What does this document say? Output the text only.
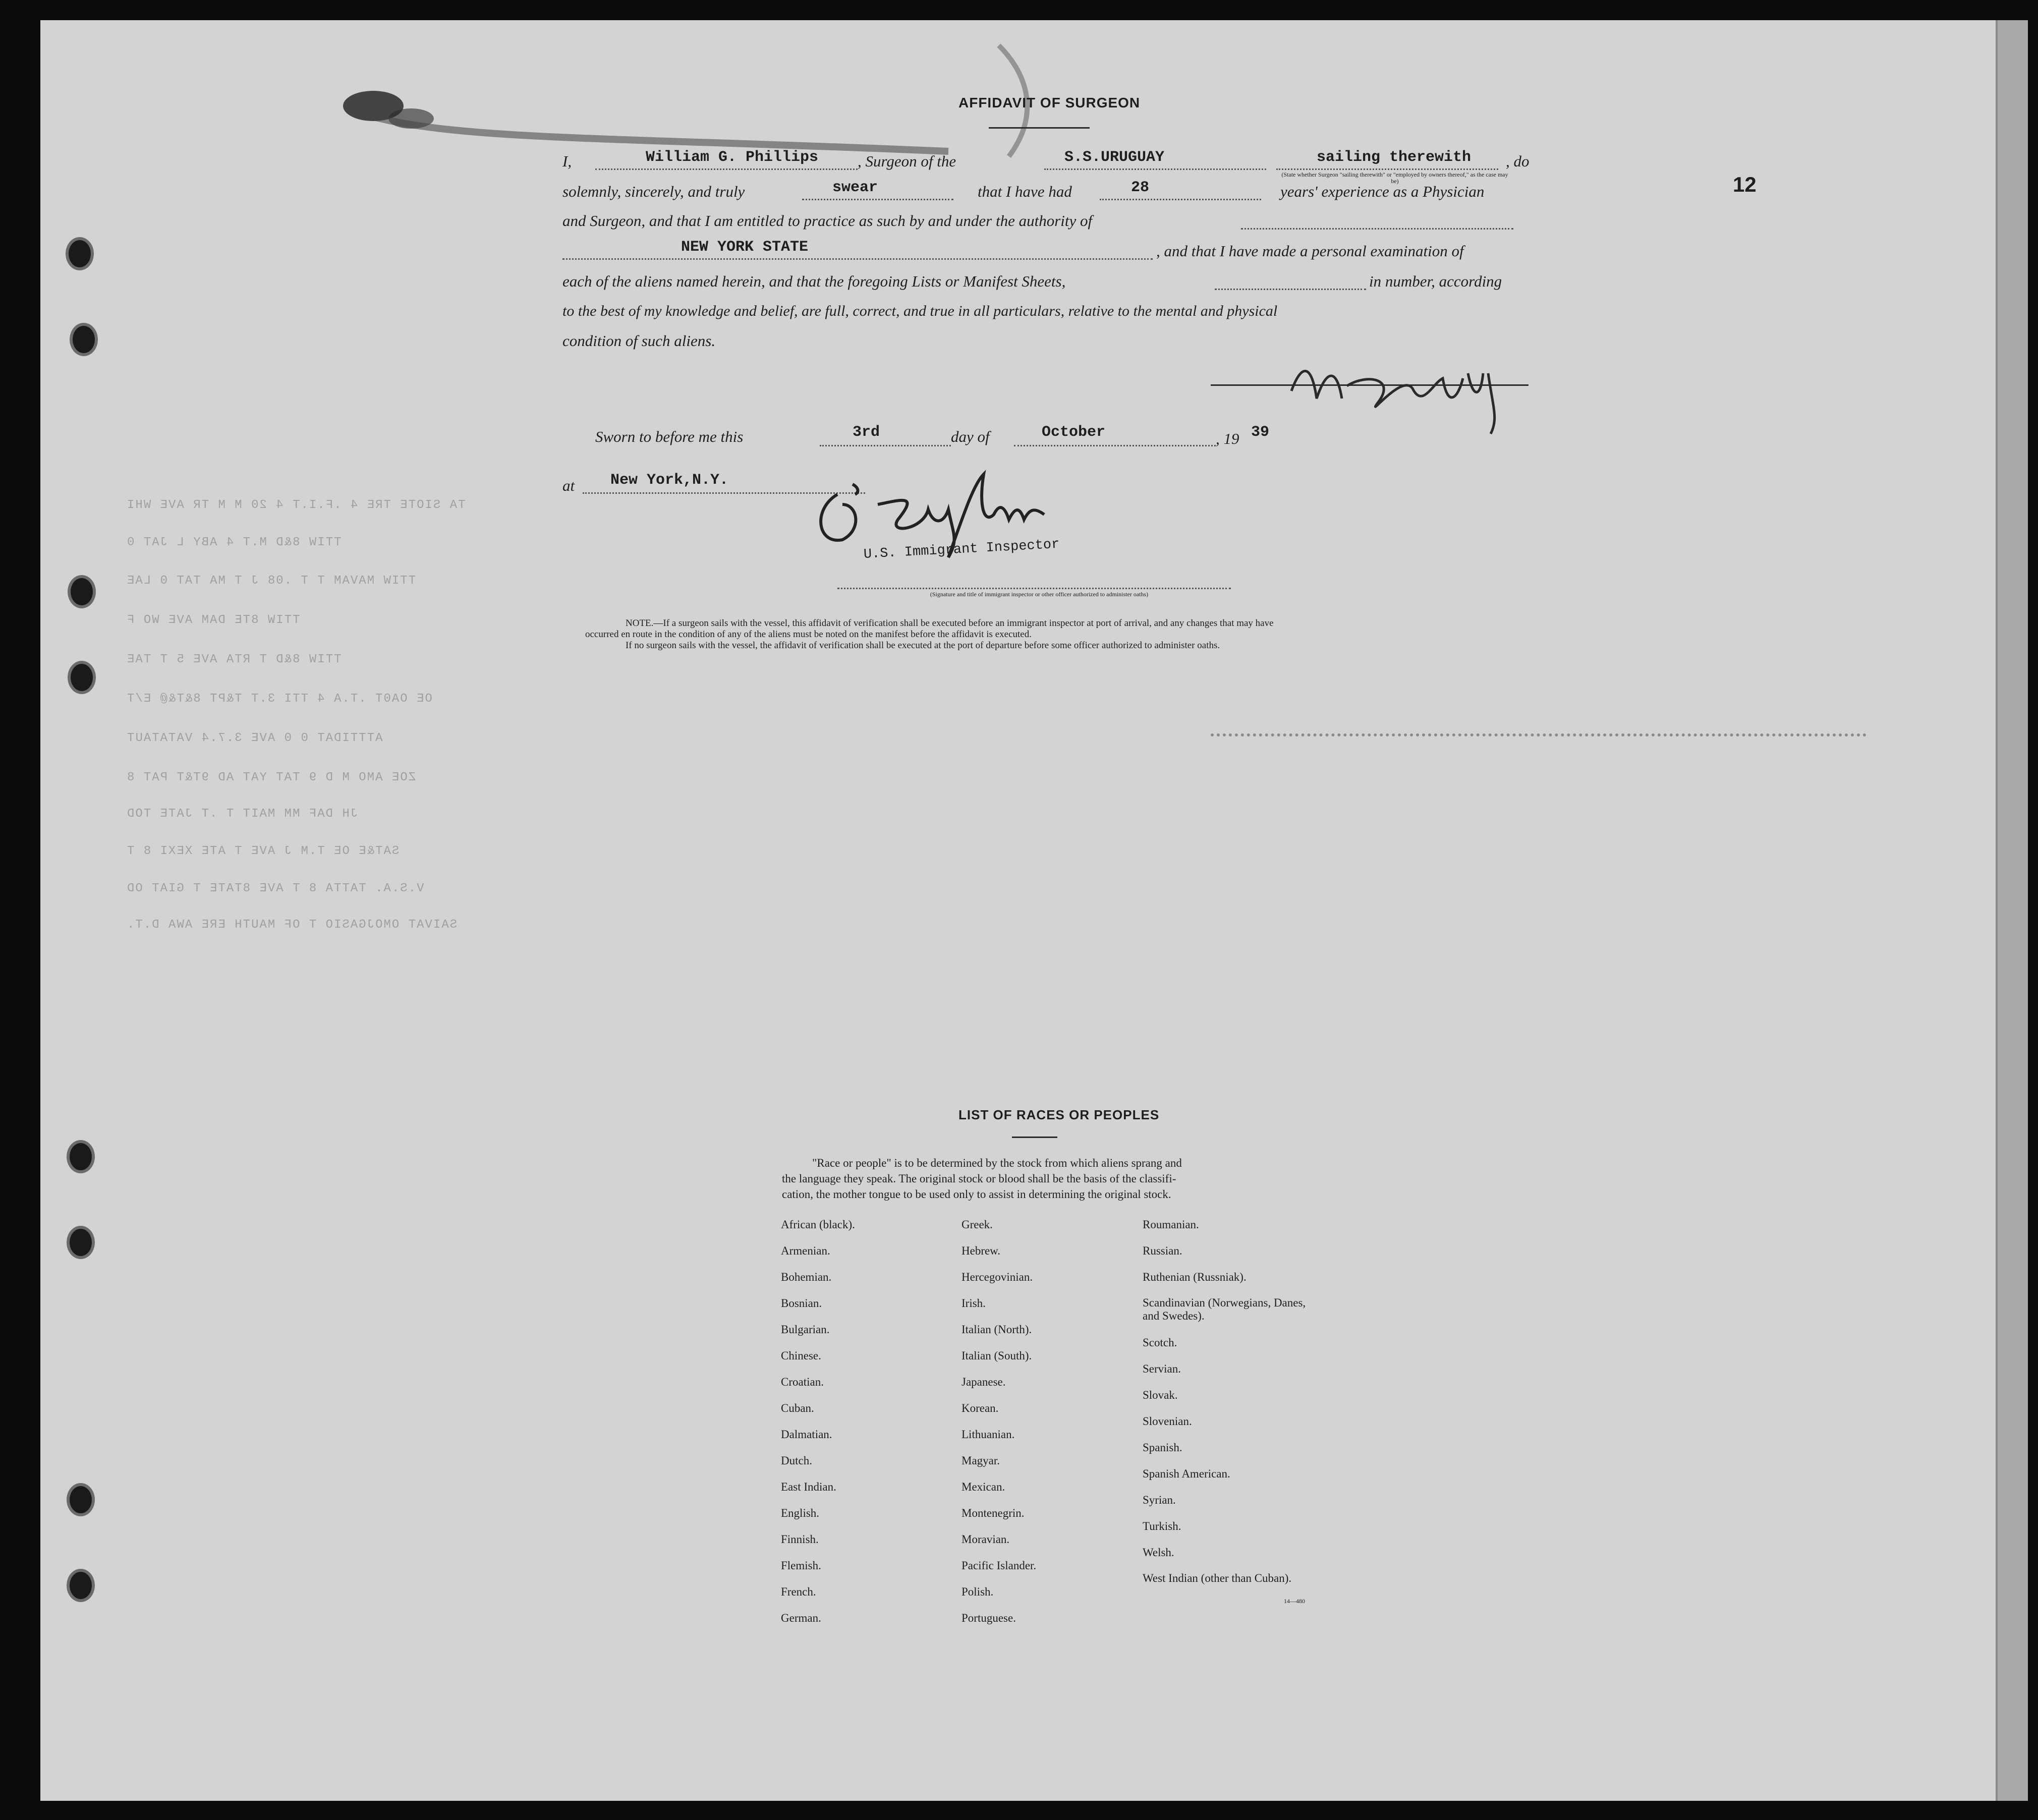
12
AFFIDAVIT OF SURGEON
I,	William G. Phillips	, Surgeon of the	S.S.URUGUAY	sailing therewith , do
(State whether Surgeon "sailing therewith" or "employed by owners thereof," as the case may be)
solemnly, sincerely, and truly	swear	that I have had	28	years' experience as a Physician
and Surgeon, and that I am entitled to practice as such by and under the authority of
NEW YORK STATE	, and that I have made a personal examination of
each of the aliens named herein, and that the foregoing Lists or Manifest Sheets,	in number, according
to the best of my knowledge and belief, are full, correct, and true in all particulars, relative to the mental and physical
condition of such aliens.
Sworn to before me this	3rd	day of	October	, 19 39
at New York,N.Y.
U.S. Immigrant Inspector
(Signature and title of immigrant inspector or other officer authorized to administer oaths)
NOTE.—If a surgeon sails with the vessel, this affidavit of verification shall be executed before an immigrant inspector at port of arrival, and any changes that may have
occurred en route in the condition of any of the aliens must be noted on the manifest before the affidavit is executed.
If no surgeon sails with the vessel, the affidavit of verification shall be executed at the port of departure before some officer authorized to administer oaths.
TA SIOTE TRE 4 .F.I.T 4 20 M M TR AVE WHI
TTIW 8&D M.T 4 ABY L JAT 0
TTIW MAVAM T T .08 J T MA TAT 0 LAE
TTIW 8TE DAM AVE WO F
TTIW 8&D T RTA AVE 5 T TAE
OE OA0T .T.A 4 TTI 3.T T&PT 8&T&@ E/T
ATTTIDAT 0 0 AVE 3.7.4 VATATAUT
ZOE AMO M D 9 TAT YAT AD 9T&T PAT 8
JH DAF MM MAIT T .T JATE TOD
SAT&E OE T.M J AVE T ATE XEXI 8 T
V.S.A. TATTA 8 T AVE 8TATE T GIAT OD
SAIVAT OMOJGASIO T OF MAUTH ERE AWA D.T.
LIST OF RACES OR PEOPLES
"Race or people" is to be determined by the stock from which aliens sprang and
the language they speak. The original stock or blood shall be the basis of the classifi-
cation, the mother tongue to be used only to assist in determining the original stock.
African (black).
Armenian.
Bohemian.
Bosnian.
Bulgarian.
Chinese.
Croatian.
Cuban.
Dalmatian.
Dutch.
East Indian.
English.
Finnish.
Flemish.
French.
German.
Greek.
Hebrew.
Hercegovinian.
Irish.
Italian (North).
Italian (South).
Japanese.
Korean.
Lithuanian.
Magyar.
Mexican.
Montenegrin.
Moravian.
Pacific Islander.
Polish.
Portuguese.
Roumanian.
Russian.
Ruthenian (Russniak).
Scandinavian (Norwegians, Danes, and Swedes).
Scotch.
Servian.
Slovak.
Slovenian.
Spanish.
Spanish American.
Syrian.
Turkish.
Welsh.
West Indian (other than Cuban).
14—480
